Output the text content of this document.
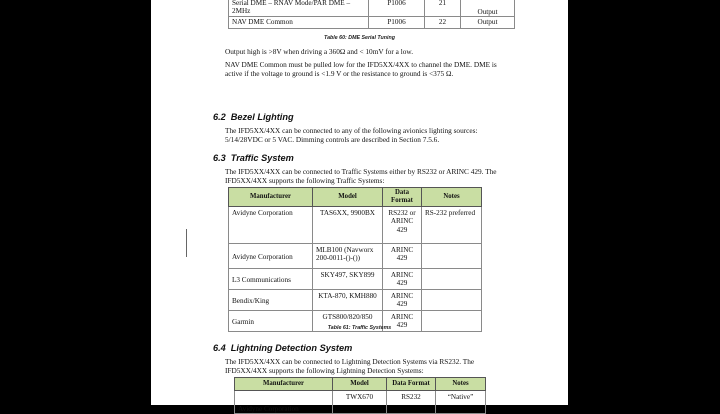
Serial DME – RNAV Mode/PAR DME – 2MHz	P1006	21	Output
NAV DME Common	P1006	22	Output
Table 60: DME Serial Tuning
Output high is >8V when driving a 360Ω and < 10mV for a low.
NAV DME Common must be pulled low for the IFD5XX/4XX to channel the DME. DME is active if the voltage to ground is <1.9 V or the resistance to ground is <375 Ω.
6.2 Bezel Lighting
The IFD5XX/4XX can be connected to any of the following avionics lighting sources: 5/14/28VDC or 5 VAC. Dimming controls are described in Section 7.5.6.
6.3 Traffic System
The IFD5XX/4XX can be connected to Traffic Systems either by RS232 or ARINC 429. The IFD5XX/4XX supports the following Traffic Systems:
Manufacturer	Model	Data Format	Notes
Avidyne Corporation	TAS6XX, 9900BX	RS232 or ARINC 429	RS-232 preferred
Avidyne Corporation	MLB100 (Navworx 200-0011-()-())	ARINC 429	
L3 Communications	SKY497, SKY899	ARINC 429	
Bendix/King	KTA-870, KMH880	ARINC 429	
Garmin	GTS800/820/850	ARINC 429	
Table 61: Traffic Systems
6.4 Lightning Detection System
The IFD5XX/4XX can be connected to Lightning Detection Systems via RS232. The IFD5XX/4XX supports the following Lightning Detection Systems:
Manufacturer	Model	Data Format	Notes
Avidyne Corporation	TWX670	RS232	“Native”
